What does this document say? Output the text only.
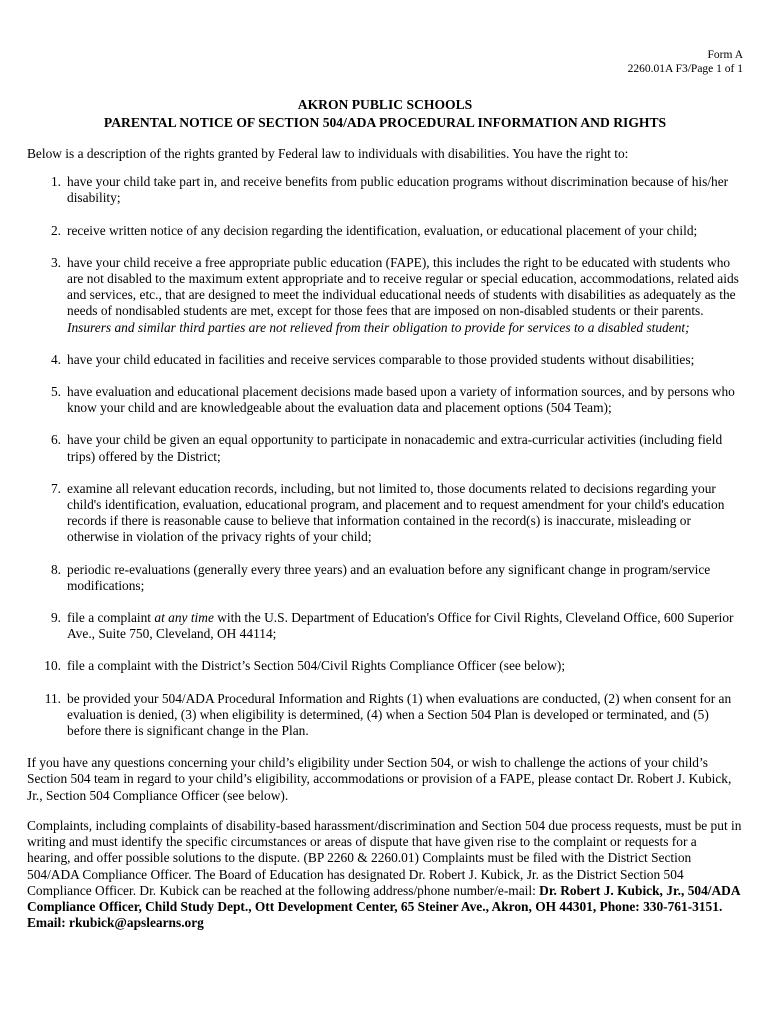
Form A
2260.01A F3/Page 1 of 1
AKRON PUBLIC SCHOOLS
PARENTAL NOTICE OF SECTION 504/ADA PROCEDURAL INFORMATION AND RIGHTS
Below is a description of the rights granted by Federal law to individuals with disabilities. You have the right to:
1. have your child take part in, and receive benefits from public education programs without discrimination because of his/her disability;
2. receive written notice of any decision regarding the identification, evaluation, or educational placement of your child;
3. have your child receive a free appropriate public education (FAPE), this includes the right to be educated with students who are not disabled to the maximum extent appropriate and to receive regular or special education, accommodations, related aids and services, etc., that are designed to meet the individual educational needs of students with disabilities as adequately as the needs of nondisabled students are met, except for those fees that are imposed on non-disabled students or their parents. Insurers and similar third parties are not relieved from their obligation to provide for services to a disabled student;
4. have your child educated in facilities and receive services comparable to those provided students without disabilities;
5. have evaluation and educational placement decisions made based upon a variety of information sources, and by persons who know your child and are knowledgeable about the evaluation data and placement options (504 Team);
6. have your child be given an equal opportunity to participate in nonacademic and extra-curricular activities (including field trips) offered by the District;
7. examine all relevant education records, including, but not limited to, those documents related to decisions regarding your child's identification, evaluation, educational program, and placement and to request amendment for your child's education records if there is reasonable cause to believe that information contained in the record(s) is inaccurate, misleading or otherwise in violation of the privacy rights of your child;
8. periodic re-evaluations (generally every three years) and an evaluation before any significant change in program/service modifications;
9. file a complaint at any time with the U.S. Department of Education's Office for Civil Rights, Cleveland Office, 600 Superior Ave., Suite 750, Cleveland, OH 44114;
10. file a complaint with the District’s Section 504/Civil Rights Compliance Officer (see below);
11. be provided your 504/ADA Procedural Information and Rights (1) when evaluations are conducted, (2) when consent for an evaluation is denied, (3) when eligibility is determined, (4) when a Section 504 Plan is developed or terminated, and (5) before there is significant change in the Plan.
If you have any questions concerning your child’s eligibility under Section 504, or wish to challenge the actions of your child’s Section 504 team in regard to your child’s eligibility, accommodations or provision of a FAPE, please contact Dr. Robert J. Kubick, Jr., Section 504 Compliance Officer (see below).
Complaints, including complaints of disability-based harassment/discrimination and Section 504 due process requests, must be put in writing and must identify the specific circumstances or areas of dispute that have given rise to the complaint or requests for a hearing, and offer possible solutions to the dispute. (BP 2260 & 2260.01) Complaints must be filed with the District Section 504/ADA Compliance Officer. The Board of Education has designated Dr. Robert J. Kubick, Jr. as the District Section 504 Compliance Officer. Dr. Kubick can be reached at the following address/phone number/e-mail: Dr. Robert J. Kubick, Jr., 504/ADA Compliance Officer, Child Study Dept., Ott Development Center, 65 Steiner Ave., Akron, OH 44301, Phone: 330-761-3151. Email: rkubick@apslearns.org
